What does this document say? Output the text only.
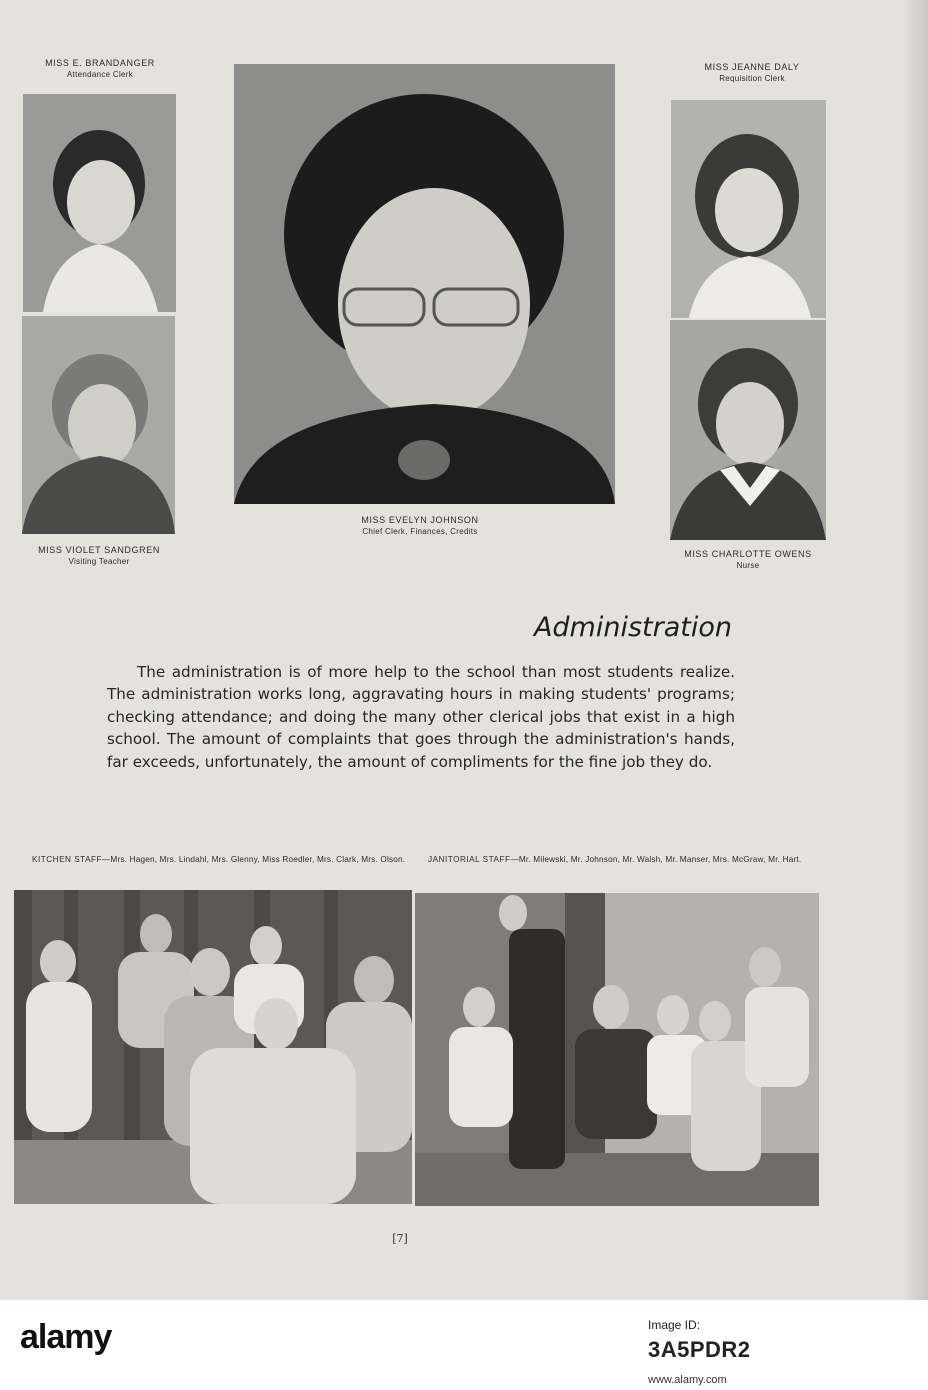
MISS E. BRANDANGER
Attendance Clerk
MISS VIOLET SANDGREN
Visiting Teacher
MISS EVELYN JOHNSON
Chief Clerk, Finances, Credits
MISS JEANNE DALY
Requisition Clerk
MISS CHARLOTTE OWENS
Nurse
Administration
The administration is of more help to the school than most students realize. The administration works long, aggravating hours in making students' programs; checking attendance; and doing the many other clerical jobs that exist in a high school. The amount of complaints that goes through the administration's hands, far exceeds, unfortunately, the amount of compliments for the fine job they do.
KITCHEN STAFF—Mrs. Hagen, Mrs. Lindahl, Mrs. Glenny, Miss Roedler, Mrs. Clark, Mrs. Olson.	JANITORIAL STAFF—Mr. Milewski, Mr. Johnson, Mr. Walsh, Mr. Manser, Mrs. McGraw, Mr. Hart.
[7]
alamy	Image ID:
3A5PDR2
www.alamy.com
